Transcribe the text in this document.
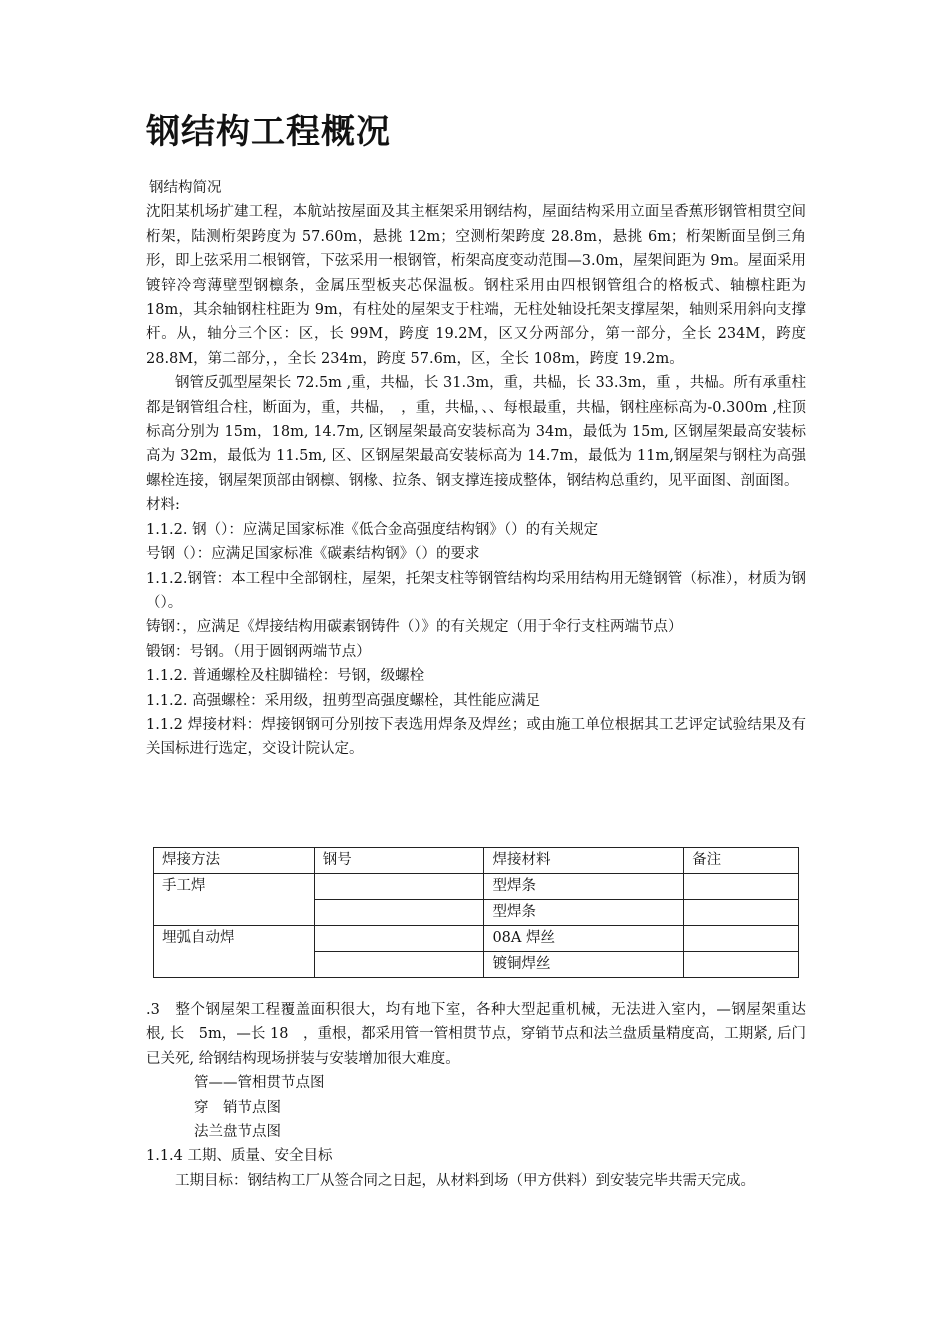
钢结构工程概况

钢结构简况

沈阳某机场扩建工程，本航站按屋面及其主框架采用钢结构，屋面结构采用立面呈香蕉形钢管相贯空间桁架，陆测桁架跨度为 57.60m，悬挑 12m；空测桁架跨度 28.8m，悬挑 6m；桁架断面呈倒三角形，即上弦采用二根钢管，下弦采用一根钢管，桁架高度变动范围—3.0m，屋架间距为 9m。屋面采用镀锌冷弯薄壁型钢檩条，金属压型板夹芯保温板。钢柱采用由四根钢管组合的格板式、轴檩柱距为 18m，其余轴钢柱柱距为 9m，有柱处的屋架支于柱端，无柱处轴设托架支撑屋架，轴则采用斜向支撑杆。从，轴分三个区：区，长 99M，跨度 19.2M，区又分两部分，第一部分，全长 234M，跨度 28.8M，第二部分，，全长 234m，跨度 57.6m，区，全长 108m，跨度 19.2m。

钢管反弧型屋架长 72.5m ,重，共榀，长 31.3m，重，共榀，长 33.3m，重 ，共榀。所有承重柱都是钢管组合柱，断面为，重，共榀，　，重，共榀，、、每根最重，共榀，钢柱座标高为-0.300m ,柱顶标高分别为 15m，18m, 14.7m, 区钢屋架最高安装标高为 34m，最低为 15m, 区钢屋架最高安装标高为 32m，最低为 11.5m, 区、区钢屋架最高安装标高为 14.7m，最低为 11m,钢屋架与钢柱为高强螺栓连接，钢屋架顶部由钢檩、钢椽、拉条、钢支撑连接成整体，钢结构总重约，见平面图、剖面图。

材料:

1.1.2. 钢（）：应满足国家标准《低合金高强度结构钢》（）的有关规定

号钢（）：应满足国家标准《碳素结构钢》（）的要求

1.1.2.钢管：本工程中全部钢柱，屋架，托架支柱等钢管结构均采用结构用无缝钢管（标准），材质为钢（）。

铸钢：，应满足《焊接结构用碳素钢铸件（）》的有关规定（用于伞行支柱两端节点）

锻钢：号钢。（用于圆钢两端节点）

1.1.2. 普通螺栓及柱脚锚栓：号钢，级螺栓

1.1.2. 高强螺栓：采用级，扭剪型高强度螺栓，其性能应满足

1.1.2 焊接材料：焊接钢钢可分别按下表选用焊条及焊丝；或由施工单位根据其工艺评定试验结果及有关国标进行选定，交设计院认定。

焊接方法	钢号	焊接材料	备注
手工焊		型焊条	
		型焊条	
埋弧自动焊		08A 焊丝	
		镀铜焊丝	

.3　整个钢屋架工程覆盖面积很大，均有地下室，各种大型起重机械，无法进入室内，—钢屋架重达　根, 长　5m，—长 18　，重根，都采用管一管相贯节点，穿销节点和法兰盘质量精度高，工期紧, 后门已关死, 给钢结构现场拼装与安装增加很大难度。

管——管相贯节点图

穿　销节点图

法兰盘节点图

1.1.4 工期、质量、安全目标

工期目标：钢结构工厂从签合同之日起，从材料到场（甲方供料）到安装完毕共需天完成。
